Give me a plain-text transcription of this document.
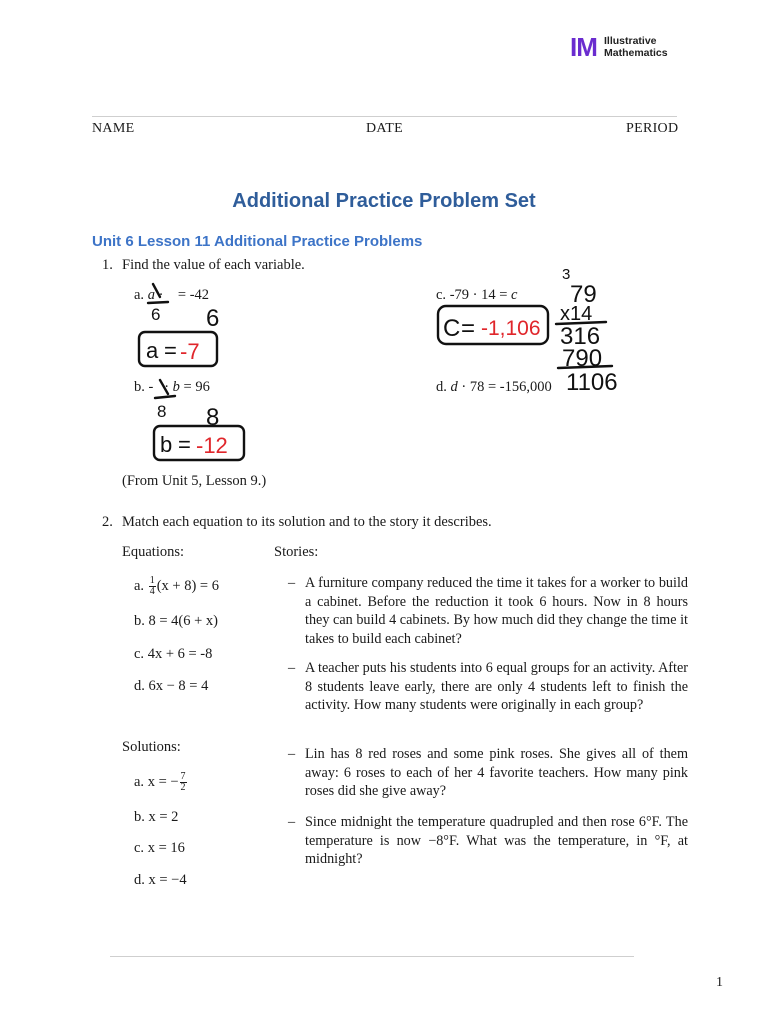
IM Illustrative
Mathematics
NAME	DATE	PERIOD
Additional Practice Problem Set
Unit 6 Lesson 11 Additional Practice Problems
1. Find the value of each variable.
a. a ·    = -42
b. -   · b = 96
c. -79 · 14 = c
d. d · 78 = -156,000
(From Unit 5, Lesson 9.)
2. Match each equation to its solution and to the story it describes.
Equations:	Stories:
a. $\frac{1}{4} (x + 8) = 6$
b. 8 = 4(6 + x)
c. 4x + 6 = -8
d. 6x − 8 = 4
Solutions:
a. x = − $\frac{7}{2}$
b. x = 2
c. x = 16
d. x = −4
– A furniture company reduced the time it takes for a worker to build a cabinet. Before the reduction it took 6 hours. Now in 8 hours they can build 4 cabinets. By how much did they change the time it takes to build each cabinet?
– A teacher puts his students into 6 equal groups for an activity. After 8 students leave early, there are only 4 students left to finish the activity. How many students were originally in each group?
– Lin has 8 red roses and some pink roses. She gives all of them away: 6 roses to each of her 4 favorite teachers. How many pink roses did she give away?
– Since midnight the temperature quadrupled and then rose 6°F. The temperature is now −8°F. What was the temperature, in °F, at midnight?
1
6 6
a = -7
8 8
b = -12
C = -1,106
3
79
x14
316
790
1106
